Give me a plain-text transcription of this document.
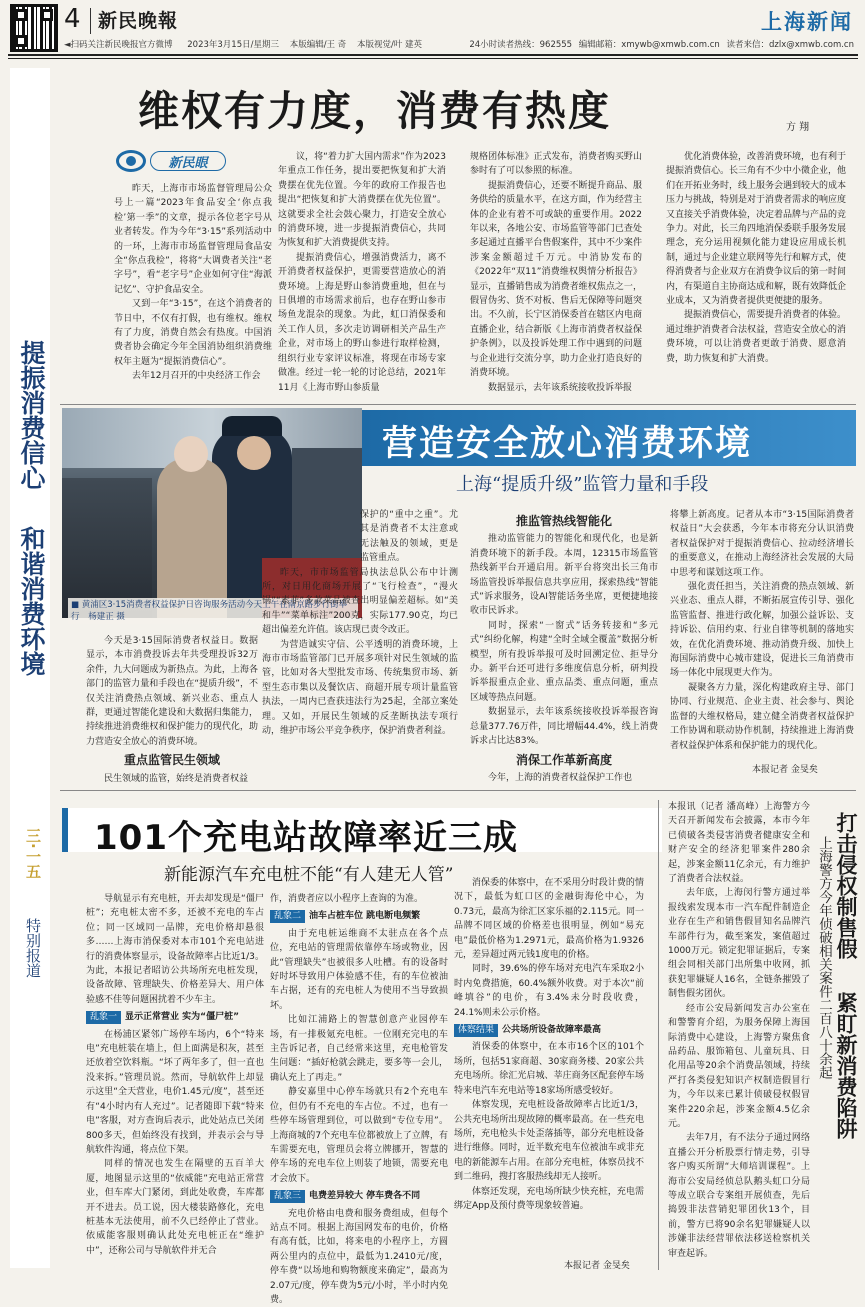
4 新民晚報	上海新闻
◄扫码关注新民晚报官方微博 2023年3月15日/星期三 本版编辑/王 奇 本版视觉/叶 建英	24小时读者热线：962555 编辑邮箱：xmywb@xmwb.com.cn 读者来信：dzlx@xmwb.com.cn
提振消费信心
和谐消费环境
三·一五
特别报道
维权有力度，消费有热度	方 翔
新民眼

昨天，上海市市场监督管理局公众号上一篇“2023年食品安全‘你点我检’第一季”的文章，提示各位老字号从业者转发。作为今年“3·15”系列活动中的一环，上海市市场监督管理局食品安全“你点我检”，将将“大调费者关注“老字号”，看“老字号”企业如何守住“海派记忆”、守护食品安全。

又到一年“3·15”，在这个消费者的节日中，不仅有打假，也有维权。维权有了力度，消费自然会有热度。中国消费者协会确定今年全国消协组织消费维权年主题为“提振消费信心”。

去年12月召开的中央经济工作会

议，将“着力扩大国内需求”作为2023年重点工作任务，提出要把恢复和扩大消费摆在优先位置。今年的政府工作报告也提出“把恢复和扩大消费摆在优先位置”。这就要求全社会鼓心聚力，打造安全放心的消费环境，进一步提振消费信心，共同为恢复和扩大消费提供支持。

提振消费信心，增强消费活力，离不开消费者权益保护，更需要营造放心的消费环境。上海是野山参消费重地，但在与日俱增的市场需求前后，也存在野山参市场鱼龙混杂的现象。为此，虹口消保委和关工作人员，多次走访调研相关产品生产企业，对市场上的野山参进行取样检测，组织行业专家评议标准，将现在市场专家做准。经过一轮一轮的讨论总结，2021年11月《上海市野山参质量

规格团体标准》正式发布，消费者购买野山参时有了可以参照的标准。

提振消费信心，还要不断提升商品、服务供给的质量水平，在这方面，作为经营主体的企业有着不可或缺的重要作用。2022年以来，各地公安、市场监管等部门已查处多起通过直播平台售假案件，其中不少案件涉案金额超过千万元。中消协发布的《2022年“双11”消费维权舆情分析报告》显示，直播销售成为消费者维权焦点之一，假冒伪劣、货不对板、售后无保障等问题突出。不久前，长宁区消保委首在辖区内电商直播企业，结合新版《上海市消费者权益保护条例》，以及投诉处理工作中遇到的问题与企业进行交流分享，助力企业打造良好的消费环境。

数据显示，去年该系统接收投诉举报

优化消费体验，改善消费环境，也有利于提振消费信心。长三角有不少中小微企业，他们在开拓业务时，线上服务会遇到较大的成本压力与挑战，特别是对于消费者需求的响应度又直接关乎消费体验，决定着品牌与产品的竞争力。对此，长三角四地消保委联手服务发展理念，充分运用视频化能力建设应用成长机制，通过与企业建立联网等先行和解方式，使得消费者与企业双方在消费争议后的第一时间内，有渠道自主协商达成和解，既有效降低企业成本，又为消费者提供更便捷的服务。

提振消费信心，需要提升消费者的体验。通过维护消费者合法权益，营造安全放心的消费环境，可以让消费者更敢于消费、愿意消费，助力恢复和扩大消费。

■ 黄浦区3·15消费者权益保护日咨询服务活动今天上午在南京路步行街举行 杨建正 摄
营造安全放心消费环境
上海“提质升级”监管力量和手段

今天是3·15国际消费者权益日。数据显示，本市消费投诉去年共受理投诉32万余件，九大问题成为新热点。为此，上海各部门的监管力量和手段也在“提质升级”，不仅关注消费热点领域、新兴业态、重点人群，更通过智能化建设和大数据归集能力，持续推进消费维权和保护能力的现代化，助力营造安全放心的消费环境。

重点监管民生领域

民生领域的监管，始终是消费者权益

保护的“重中之重”。尤其是消费者不太注意或无法触及的领域，更是监管重点。

昨天，市市场监管局执法总队公布中计测所，对日用化商场开展了“飞行检查”，“漫火锅”“素菲”多款菜品被查出明显偏差超标。如“美和牛”“菜单标注”200克，实际177.90克，均已超出偏差允许值。该店现已责令改正。

为营造诚实守信、公平透明的消费环境，上海市市场监管部门已开展多项针对民生领域的监管，比如对各大型批发市场、传统集贸市场、新型生态市集以及餐饮店、商超开展专项计量监管执法，一周内已查获违法行为25起，全部立案处理。又如，开展民生领域的反垄断执法专项行动，维护市场公平竞争秩序，保护消费者利益。

推监管热线智能化

推动监管能力的智能化和现代化，也是新消费环境下的新手段。本周，12315市场监管热线新平台开通启用。新平台将突出长三角市场监管投诉举报信息共享应用，探索热线“智能式”诉求服务，设AI智能话务坐席，更便捷地接收市民诉求。

同时，探索“一窗式”话务转接和“多元式”纠纷化解，构建“全时全域全覆盖”数据分析模型，所有投诉举报可及时回溯定位、拒导分办。新平台还可进行多维度信息分析，研判投诉举报重点企业、重点品类、重点问题，重点区域等热点问题。

数据显示，去年该系统接收投诉举报咨询总量377.76万件，同比增幅44.4%，线上消费诉求占比达83%。

消保工作革新高度

今年，上海的消费者权益保护工作也

将攀上新高度。记者从本市“3·15国际消费者权益日”大会获悉，今年本市将充分认识消费者权益保护对于提振消费信心、拉动经济增长的重要意义，在推动上海经济社会发展的大局中思考和谋划这项工作。

强化责任担当，关注消费的热点领域、新兴业态、重点人群，不断拓展宣传引导、强化监管监督、推进行政化解，加强公益诉讼、支持诉讼、信用约束、行业自律等机制的落地实效，在优化消费环境、推动消费升级、加快上海国际消费中心城市建设，促进长三角消费市场一体化中展现更大作为。

凝聚各方力量，深化构建政府主导、部门协同、行业规范、企业主责、社会参与、舆论监督的大维权格局，建立健全消费者权益保护工作协调和联动协作机制，持续推进上海消费者权益保护体系和保护能力的现代化。

本报记者 金旻矣
101个充电站故障率近三成
新能源汽车充电桩不能“有人建无人管”

导航显示有充电桩，开去却发现是“僵尸桩”；充电桩太密不多，还被不充电的车占位；同一区域同一品牌，充电价格却悬很多……上海市消保委对本市101个充电站进行的消费体察显示，设备故障率占比近1/3。为此，本报记者昭访公共场所充电桩发现，设备故障、管理缺失、价格差异大、用户体验感不佳等问题困扰着不少车主。

乱象一 显示正常营业 实为“僵尸桩”

在杨浦区紧邻广场停车场内，6个“特来电”充电桩装在墙上，但上面满是积灰，甚至还放着空饮料瓶。“坏了两年多了，但一直也没来拆。”管理员说。然而，导航软件上却显示这里“全天营业，电价1.45元/度”，甚至还有“4小时内有人充过”。记者随即下载“特来电”客服，对方查询后表示，此处站点已关闭800多天，但始终没有找到，并表示会与导航软件沟通，将点位下架。

同样的情况也发生在隔壁的五百羊大厦，地图显示这里的“依威能”充电站正常营业，但车库大门紧闭，到此处收费，车库都开不进去。员工说，因大楼装路修化，充电桩基本无法使用，前不久已经停止了营业。依威能客服则确认此处充电桩正在“维护中”，还称公司与导航软件并无合

作，消费者应以小程序上查询的为准。

乱象二 油车占桩车位 跳电断电频繁

由于充电桩运维商不太驻点在各个点位，充电站的管理需依靠停车场或物业，因此“管理缺失”也被很多人吐槽。有的设备时好时坏导致用户体验感不佳，有的车位被油车占据，还有的充电桩人为使用不当导致损坏。

比如江浦路上的智慧创意产业园停车场，有一排极氪充电桩。一位刚充完电的车主告诉记者，自己经常来这里，充电枪管发生问题：“插好枪就会跳走，要多等一会儿，确认充上了再走。”

静安嘉里中心停车场就只有2个充电车位，但仍有不充电的车占位。不过，也有一些停车场管理到位，可以做到“专位专用”。上海商城的7个充电车位都被放上了立牌，有车需要充电，管理员会将立牌挪开，智慧的停车场的充电车位上则装了地锁，需要充电才会放下。

乱象三 电费差异较大 停车费各不同

充电价格由电费和服务费组成，但每个站点不同。根据上海国网发布的电价，价格有高有低，比如，将来电的小程序上，方圆两公里内的点位中，最低为1.2410元/度，停车费“以场地和购物额度来确定”，最高为2.07元/度，停车费为5元/小时，半小时内免费。

消保委的体察中，在不采用分时段计费的情况下，最低为虹口区的金融街海伦中心，为0.73元，最高为徐汇区家乐福的2.115元。同一品牌不同区域的价格差也很明显，例如“易充电”最低价格为1.2971元，最高价格为1.9326元，差异超过两元钱1度电的价格。

同时，39.6%的停车场对充电汽车采取2小时内免费措施，60.4%额外收费。对于本次“前峰填谷”的电价，有3.4%未分时段收费，24.1%则未公示价格。

体察结果 公共场所设备故障率最高

消保委的体察中，在本市16个区的101个场所，包括51家商超、30家商务楼、20家公共充电场所。徐汇光启城、莘庄商务区配套停车场特来电汽车充电站等18家场所感受较好。

体察发现，充电桩设备故障率占比近1/3，公共充电场所出现故障的概率最高。在一些充电场所，充电枪头卡处歪落插等，部分充电桩设备进行维修。同时，近半数充电车位被油车或非充电的新能源车占用。在部分充电桩，体察员找不到二维码，搜打客服热线却无人接听。

体察还发现，充电场所缺少快充桩，充电需绑定App及预付费等现象较普遍。

本报记者 金旻矣

本报讯（记者 潘高峰）上海警方今天召开新闻发布会披露，本市今年已侦破各类侵害消费者健康安全和财产安全的经济犯罪案件280余起，涉案金额11亿余元，有力维护了消费者合法权益。

去年底，上海闵行警方通过举报线索发现本市一汽车配件制造企业存在生产和销售假冒知名品牌汽车部件行为，截至案发，案值超过1000万元。锁定犯罪证据后，专案组会同相关部门出所集中收网，抓获犯罪嫌疑人16名，全链条摧毁了制售假劣团伙。

经市公安局新闻发言办公室在和警警育介绍，为服务保障上海国际消费中心建设，上海警方聚焦食品药品、服饰箱包、儿童玩具、日化用品等20余个消费品领域，持续严打各类侵犯知识产权制造假冒行为，今年以来已累计侦破侵权假冒案件220余起，涉案金额4.5亿余元。

去年7月，有不法分子通过网络直播公开分析股票行情走势，引导客户购买所谓“大师培训课程”。上海市公安局经侦总队鹅头虹口分局等成立联合专案组开展侦查，先后捣毁非法营销犯罪团伙13个，目前，警方已将90余名犯罪嫌疑人以涉嫌非法经营罪依法移送检察机关审查起诉。

打击侵权制售假
上海警方今年侦破相关案件二百八十余起 紧盯新消费陷阱
